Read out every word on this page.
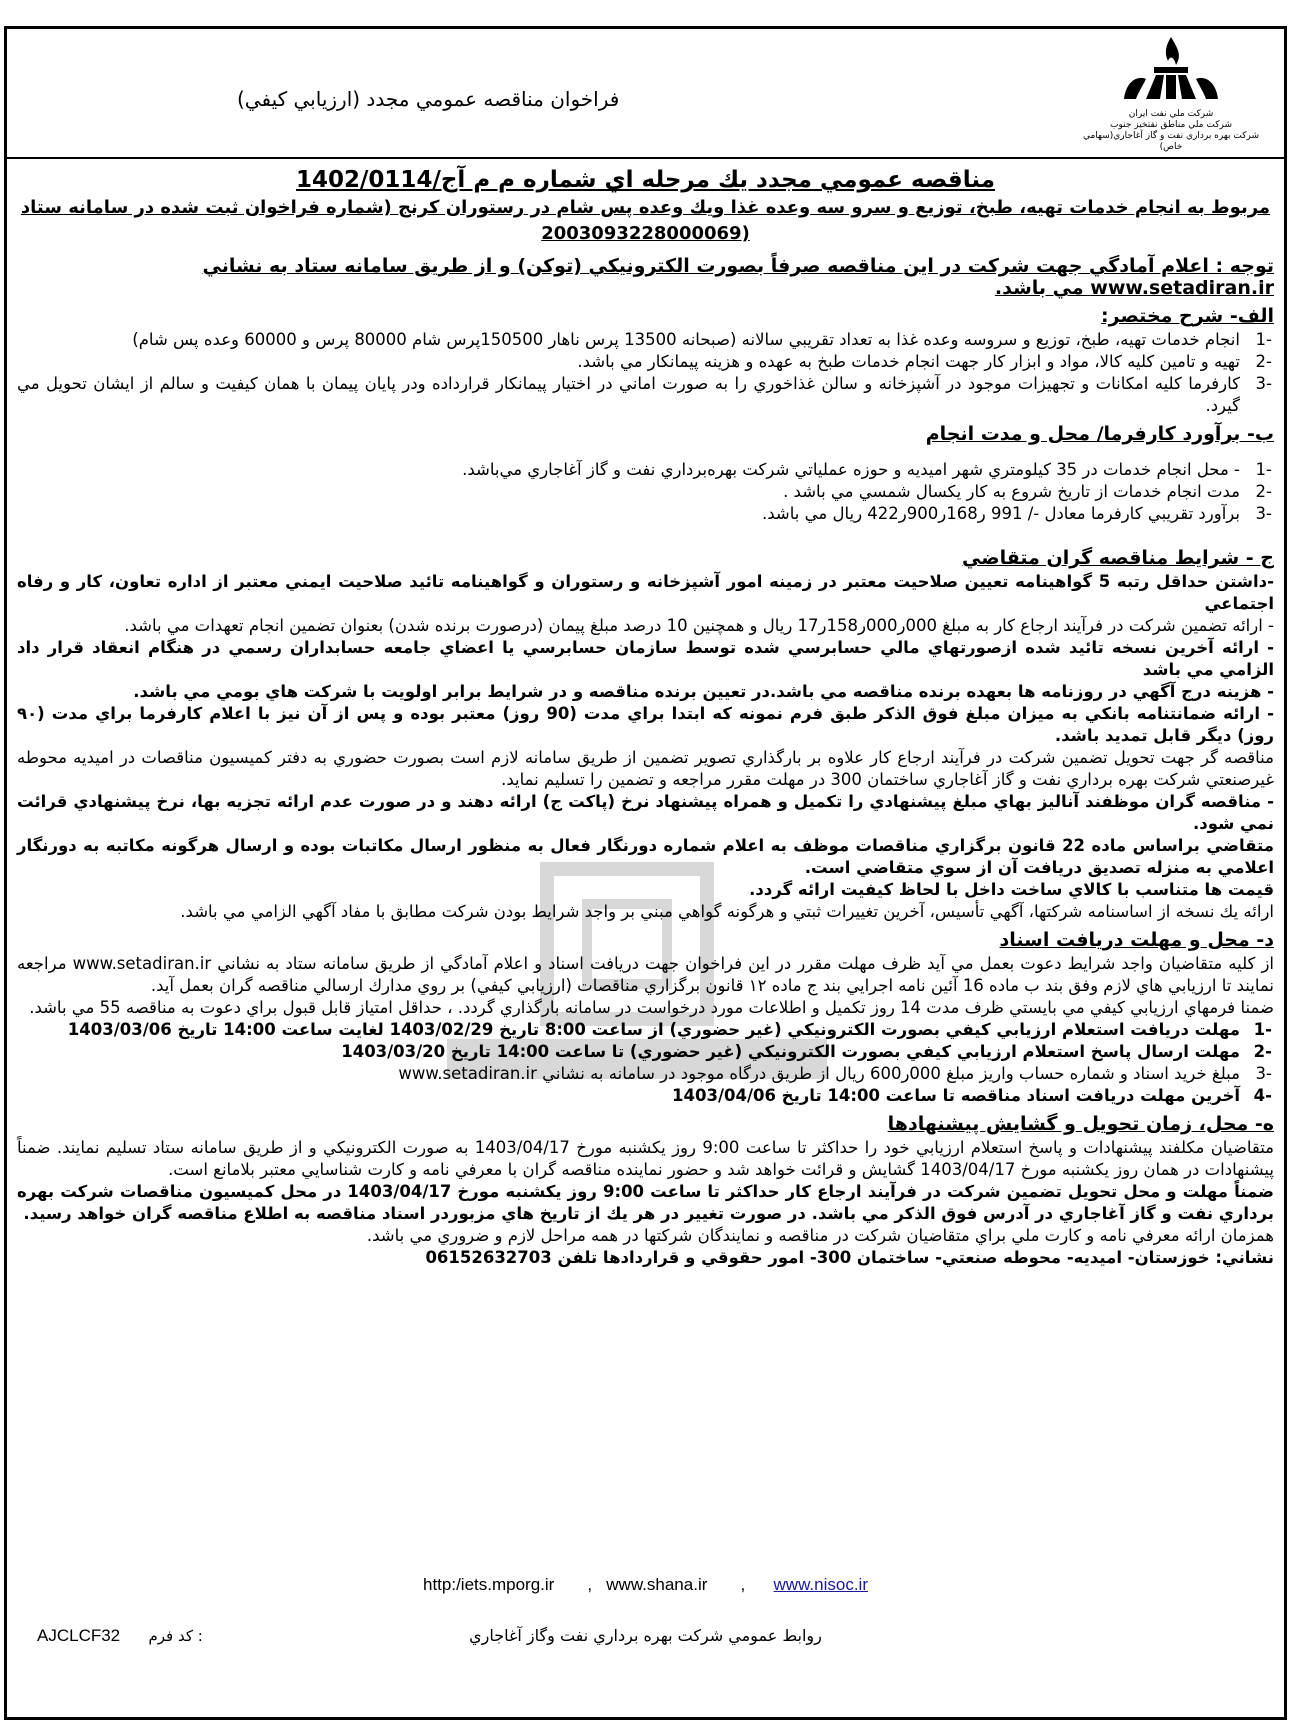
شركت ملي نفت ايران
شركت ملي مناطق نفتخيز جنوب
شركت بهره برداري نفت و گاز آغاجاري(سهامي خاص)
فراخوان مناقصه عمومي مجدد (ارزيابي كيفي)
مناقصه عمومي مجدد يك مرحله اي شماره م م آج/1402/0114
مربوط به انجام خدمات تهيه، طبخ، توزيع و سرو سه وعده غذا ويك وعده پس شام در رستوران كرنج (شماره فراخوان ثبت شده در سامانه ستاد
(2003093228000069
توجه : اعلام آمادگي جهت شركت در اين مناقصه صرفاً بصورت الكترونيكي (توكن) و از طريق سامانه ستاد به نشاني www.setadiran.ir مي باشد.
الف- شرح مختصر:
-1
انجام خدمات تهيه، طبخ، توزيع و سروسه وعده غذا به تعداد تقريبي سالانه (صبحانه 13500 پرس ناهار 150500پرس شام 80000 پرس و 60000 وعده پس شام)
-2
تهيه و تامين كليه كالا، مواد و ابزار كار جهت انجام خدمات طبخ به عهده و هزينه پيمانكار مي باشد.
-3
كارفرما كليه امكانات و تجهيزات موجود در آشپزخانه و سالن غذاخوري را به صورت اماني در اختيار پيمانكار قرارداده ودر پايان پيمان با همان كيفيت و سالم از ايشان تحويل مي گيرد.
ب- برآورد كارفرما/ محل و مدت انجام
-1
- محل انجام خدمات در 35 كيلومتري شهر اميديه و حوزه عملياتي شركت بهره‌برداري نفت و گاز آغاجاري مي‌باشد.
-2
مدت انجام خدمات از تاريخ شروع به كار يكسال شمسي مي باشد .
-3
برآورد تقريبي كارفرما معادل -/ 991 ر168ر900ر422 ريال مي باشد.
ج - شرايط مناقصه گران متقاضي
-داشتن حداقل رتبه 5 گواهينامه تعيين صلاحيت معتبر در زمينه امور آشپزخانه و رستوران و گواهينامه تائيد صلاحيت ايمني معتبر از اداره تعاون، كار و رفاه اجتماعي
- ارائه تضمين شركت در فرآيند ارجاع كار به مبلغ 000ر000ر158ر17 ريال و همچنين 10 درصد مبلغ پيمان (درصورت برنده شدن) بعنوان تضمين انجام تعهدات مي باشد.
- ارائه آخرين نسخه تائيد شده ازصورتهاي مالي حسابرسي شده توسط سازمان حسابرسي يا اعضاي جامعه حسابداران رسمي در هنگام انعقاد قرار داد الزامي مي باشد
- هزينه درج آگهي در روزنامه ها بعهده برنده مناقصه مي باشد.در تعيين برنده مناقصه و در شرايط برابر اولويت با شركت هاي بومي مي باشد.
- ارائه ضمانتنامه بانكي به ميزان مبلغ فوق الذكر طبق فرم نمونه كه ابتدا براي مدت (90 روز) معتبر بوده و پس از آن نيز با اعلام كارفرما براي مدت (۹۰ روز) ديگر قابل تمديد باشد.
مناقصه گر جهت تحويل تضمين شركت در فرآيند ارجاع كار علاوه بر بارگذاري تصوير تضمين از طريق سامانه لازم است بصورت حضوري به دفتر كميسيون مناقصات در اميديه محوطه غيرصنعتي شركت بهره برداري نفت و گاز آغاجاري ساختمان 300 در مهلت مقرر مراجعه و تضمين را تسليم نمايد.
- مناقصه گران موظفند آناليز بهاي مبلغ پيشنهادي را تكميل و همراه پيشنهاد نرخ (پاكت ج) ارائه دهند و در صورت عدم ارائه تجزيه بها، نرخ پيشنهادي قرائت نمي شود.
متقاضي براساس ماده 22 قانون برگزاري مناقصات موظف به اعلام شماره دورنگار فعال به منظور ارسال مكاتبات بوده و ارسال هرگونه مكاتبه به دورنگار اعلامي به منزله تصديق دريافت آن از سوي متقاضي است.
قيمت ها متناسب با كالاي ساخت داخل با لحاظ كيفيت ارائه گردد.
ارائه يك نسخه از اساسنامه شركتها، آگهي تأسيس، آخرين تغييرات ثبتي و هرگونه گواهي مبني بر واجد شرايط بودن شركت مطابق با مفاد آگهي الزامي مي باشد.
د- محل و مهلت دريافت اسناد
از كليه متقاضيان واجد شرايط دعوت بعمل مي آيد ظرف مهلت مقرر در اين فراخوان جهت دريافت اسناد و اعلام آمادگي از طريق سامانه ستاد به نشاني www.setadiran.ir مراجعه نمايند تا ارزيابي هاي لازم وفق بند ب ماده 16 آئين نامه اجرايي بند ج ماده ۱۲ قانون برگزاري مناقصات (ارزيابي كيفي) بر روي مدارك ارسالي مناقصه گران بعمل آيد.
ضمنا فرمهاي ارزيابي كيفي مي بايستي ظرف مدت 14 روز تكميل و اطلاعات مورد درخواست در سامانه بارگذاري گردد. ، حداقل امتياز قابل قبول براي دعوت به مناقصه 55 مي باشد.
-1
مهلت دريافت استعلام ارزيابي كيفي بصورت الكترونيكي (غير حضوري) از ساعت 8:00 تاريخ 1403/02/29 لغايت ساعت 14:00 تاريخ 1403/03/06
-2
مهلت ارسال پاسخ استعلام ارزيابي كيفي بصورت الكترونيكي (غير حضوري) تا ساعت 14:00 تاريخ 1403/03/20
-3
مبلغ خريد اسناد و شماره حساب واريز مبلغ 000ر600 ريال از طريق درگاه موجود در سامانه به نشاني www.setadiran.ir
-4
آخرين مهلت دريافت اسناد مناقصه تا ساعت 14:00 تاريخ 1403/04/06
ه- محل، زمان تحويل و گشايش پيشنهادها
متقاضيان مكلفند پيشنهادات و پاسخ استعلام ارزيابي خود را حداكثر تا ساعت 9:00 روز يكشنبه مورخ 1403/04/17 به صورت الكترونيكي و از طريق سامانه ستاد تسليم نمايند. ضمناً پيشنهادات در همان روز يكشنبه مورخ 1403/04/17 گشايش و قرائت خواهد شد و حضور نماينده مناقصه گران با معرفي نامه و كارت شناسايي معتبر بلامانع است.
ضمناً مهلت و محل تحويل تضمين شركت در فرآيند ارجاع كار حداكثر تا ساعت 9:00 روز يكشنبه مورخ 1403/04/17 در محل كميسيون مناقصات شركت بهره برداري نفت و گاز آغاجاري در آدرس فوق الذكر مي باشد. در صورت تغيير در هر يك از تاريخ هاي مزبوردر اسناد مناقصه به اطلاع مناقصه گران خواهد رسيد.
همزمان ارائه معرفي نامه و كارت ملي براي متقاضيان شركت در مناقصه و نمايندگان شركتها در همه مراحل لازم و ضروري مي باشد.
نشاني: خوزستان- اميديه- محوطه صنعتي- ساختمان 300- امور حقوقي و قراردادها تلفن 06152632703
http:/iets.mporg.ir , www.shana.ir , www.nisoc.ir
روابط عمومي شركت بهره برداري نفت وگاز آغاجاري
AJCLCF32 كد فرم :
